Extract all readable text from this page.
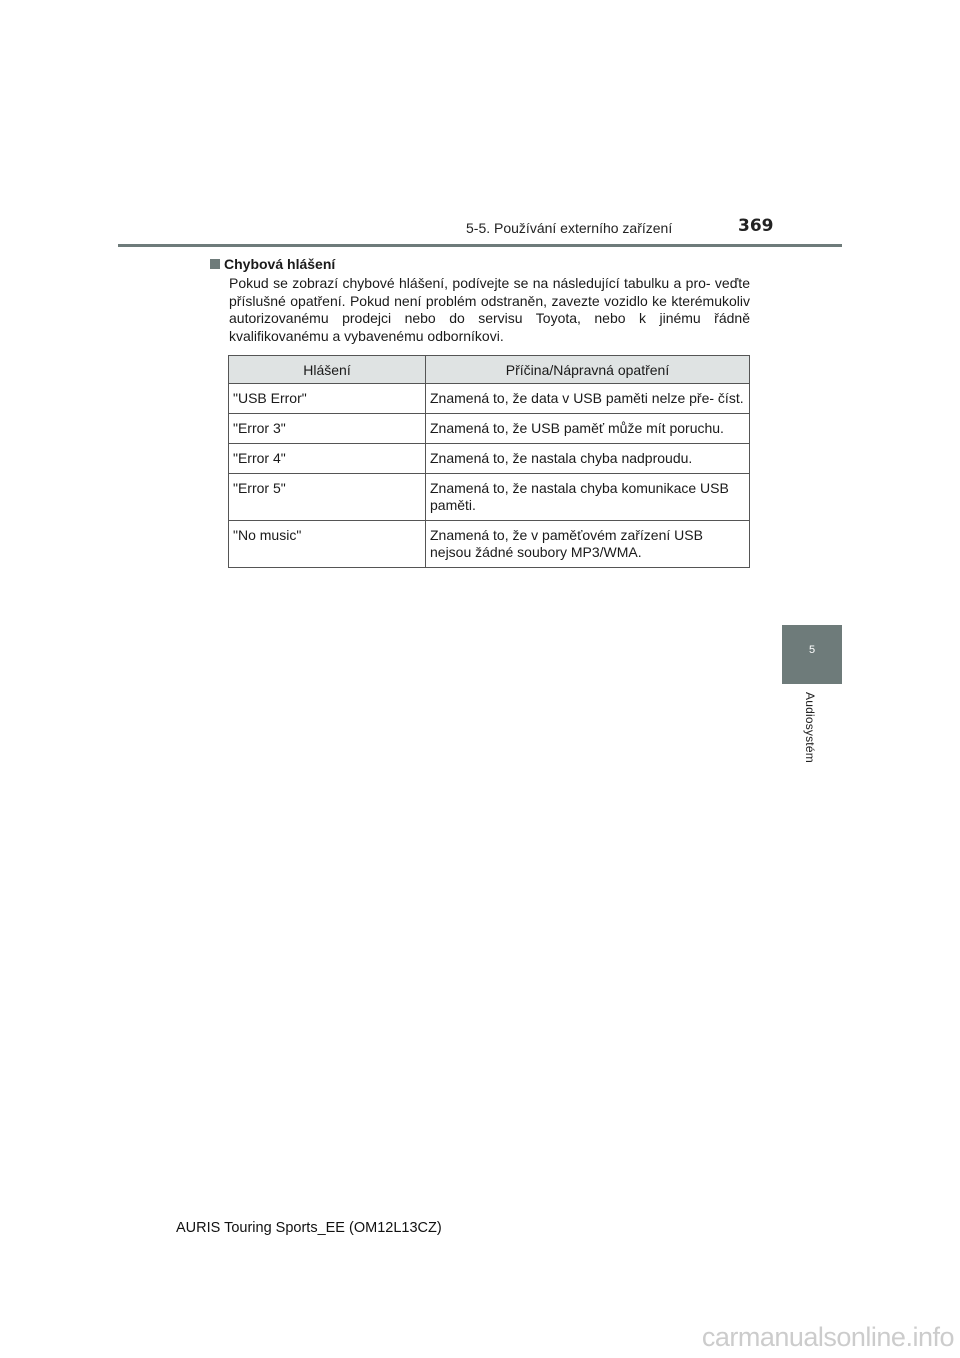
5-5. Používání externího zařízení	369
5
Audiosystém
Chybová hlášení
Pokud se zobrazí chybové hlášení, podívejte se na následující tabulku a pro- veďte příslušné opatření. Pokud není problém odstraněn, zavezte vozidlo ke kterémukoliv autorizovanému prodejci nebo do servisu Toyota, nebo k jinému řádně kvalifikovanému a vybavenému odborníkovi.
Hlášení	Příčina/Nápravná opatření
"USB Error"	Znamená to, že data v USB paměti nelze pře- číst.
"Error 3"	Znamená to, že USB paměť může mít poruchu.
"Error 4"	Znamená to, že nastala chyba nadproudu.
"Error 5"	Znamená to, že nastala chyba komunikace USB paměti.
"No music"	Znamená to, že v paměťovém zařízení USB nejsou žádné soubory MP3/WMA.
AURIS Touring Sports_EE (OM12L13CZ)
carmanualsonline.info
